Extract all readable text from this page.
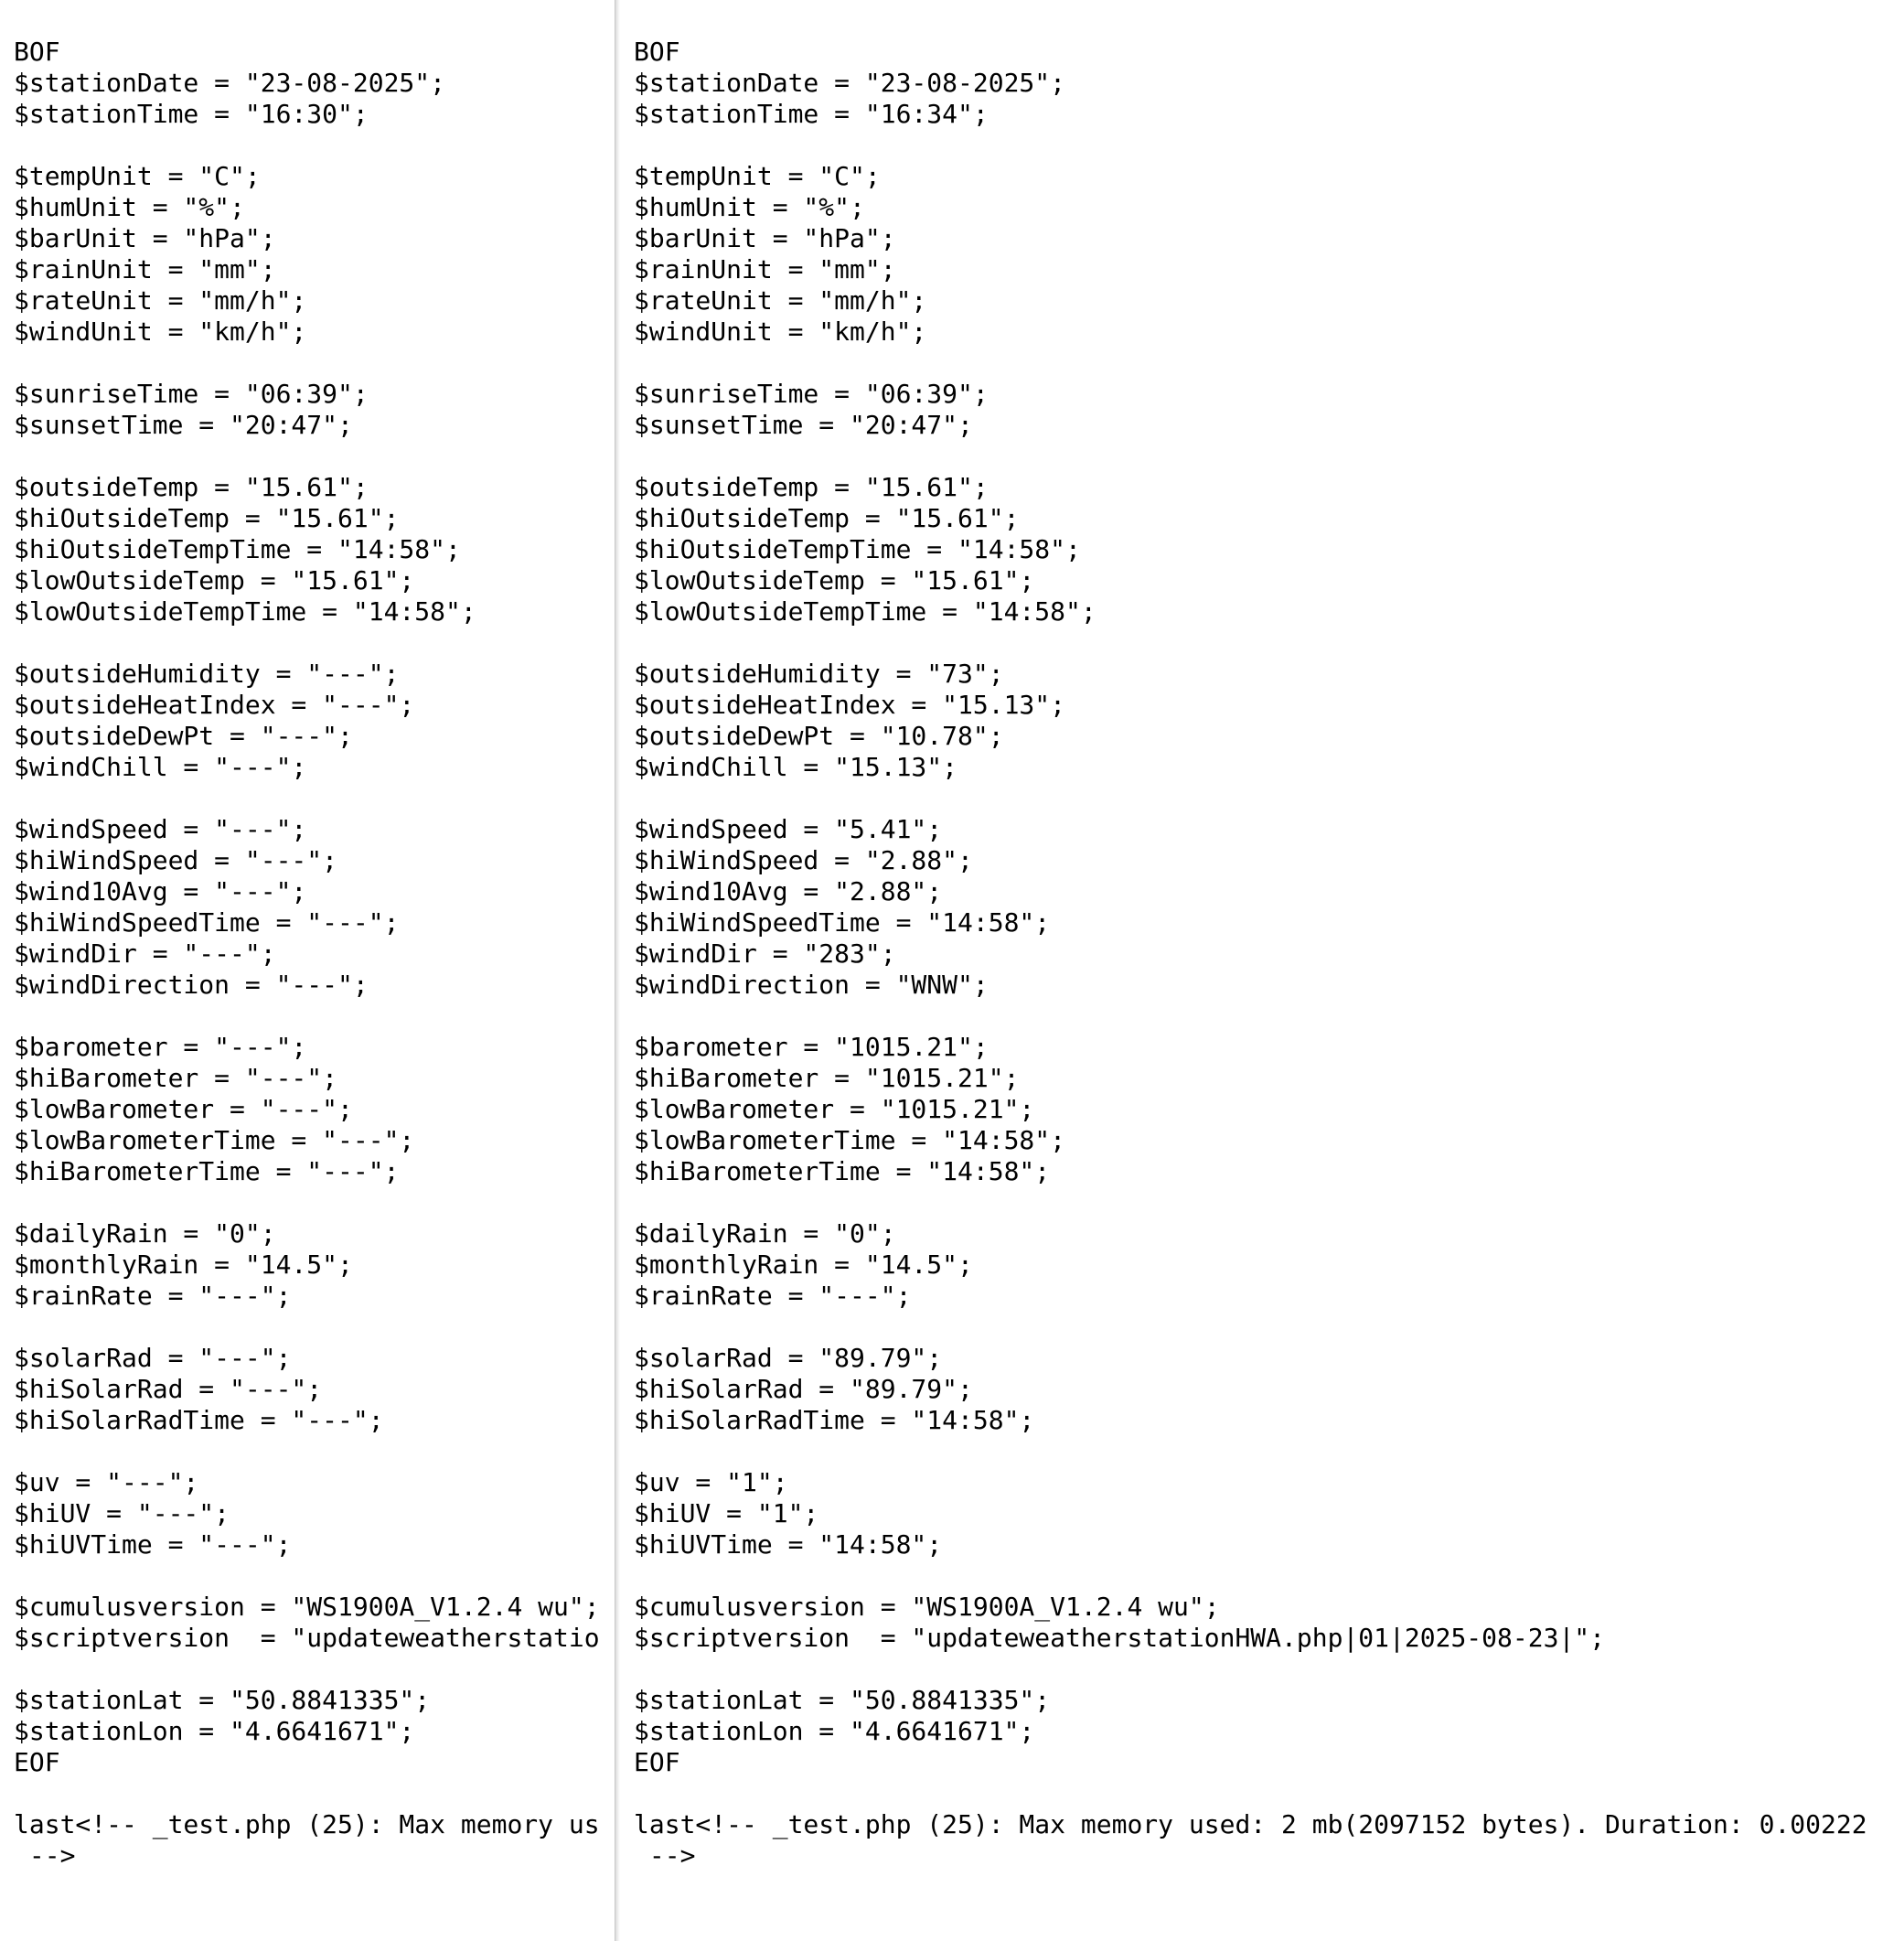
BOF
$stationDate = "23-08-2025";
$stationTime = "16:30";
$tempUnit = "C";
$humUnit = "%";
$barUnit = "hPa";
$rainUnit = "mm";
$rateUnit = "mm/h";
$windUnit = "km/h";
$sunriseTime = "06:39";
$sunsetTime = "20:47";
$outsideTemp = "15.61";
$hiOutsideTemp = "15.61";
$hiOutsideTempTime = "14:58";
$lowOutsideTemp = "15.61";
$lowOutsideTempTime = "14:58";
$outsideHumidity = "---";
$outsideHeatIndex = "---";
$outsideDewPt = "---";
$windChill = "---";
$windSpeed = "---";
$hiWindSpeed = "---";
$wind10Avg = "---";
$hiWindSpeedTime = "---";
$windDir = "---";
$windDirection = "---";
$barometer = "---";
$hiBarometer = "---";
$lowBarometer = "---";
$lowBarometerTime = "---";
$hiBarometerTime = "---";
$dailyRain = "0";
$monthlyRain = "14.5";
$rainRate = "---";
$solarRad = "---";
$hiSolarRad = "---";
$hiSolarRadTime = "---";
$uv = "---";
$hiUV = "---";
$hiUVTime = "---";
$cumulusversion = "WS1900A_V1.2.4 wu";
$scriptversion  = "updateweatherstatio
$stationLat = "50.8841335";
$stationLon = "4.6641671";
EOF
last<!-- _test.php (25): Max memory us
-->
BOF
$stationDate = "23-08-2025";
$stationTime = "16:34";
$tempUnit = "C";
$humUnit = "%";
$barUnit = "hPa";
$rainUnit = "mm";
$rateUnit = "mm/h";
$windUnit = "km/h";
$sunriseTime = "06:39";
$sunsetTime = "20:47";
$outsideTemp = "15.61";
$hiOutsideTemp = "15.61";
$hiOutsideTempTime = "14:58";
$lowOutsideTemp = "15.61";
$lowOutsideTempTime = "14:58";
$outsideHumidity = "73";
$outsideHeatIndex = "15.13";
$outsideDewPt = "10.78";
$windChill = "15.13";
$windSpeed = "5.41";
$hiWindSpeed = "2.88";
$wind10Avg = "2.88";
$hiWindSpeedTime = "14:58";
$windDir = "283";
$windDirection = "WNW";
$barometer = "1015.21";
$hiBarometer = "1015.21";
$lowBarometer = "1015.21";
$lowBarometerTime = "14:58";
$hiBarometerTime = "14:58";
$dailyRain = "0";
$monthlyRain = "14.5";
$rainRate = "---";
$solarRad = "89.79";
$hiSolarRad = "89.79";
$hiSolarRadTime = "14:58";
$uv = "1";
$hiUV = "1";
$hiUVTime = "14:58";
$cumulusversion = "WS1900A_V1.2.4 wu";
$scriptversion  = "updateweatherstationHWA.php|01|2025-08-23|";
$stationLat = "50.8841335";
$stationLon = "4.6641671";
EOF
last<!-- _test.php (25): Max memory used: 2 mb(2097152 bytes). Duration: 0.00222
-->
